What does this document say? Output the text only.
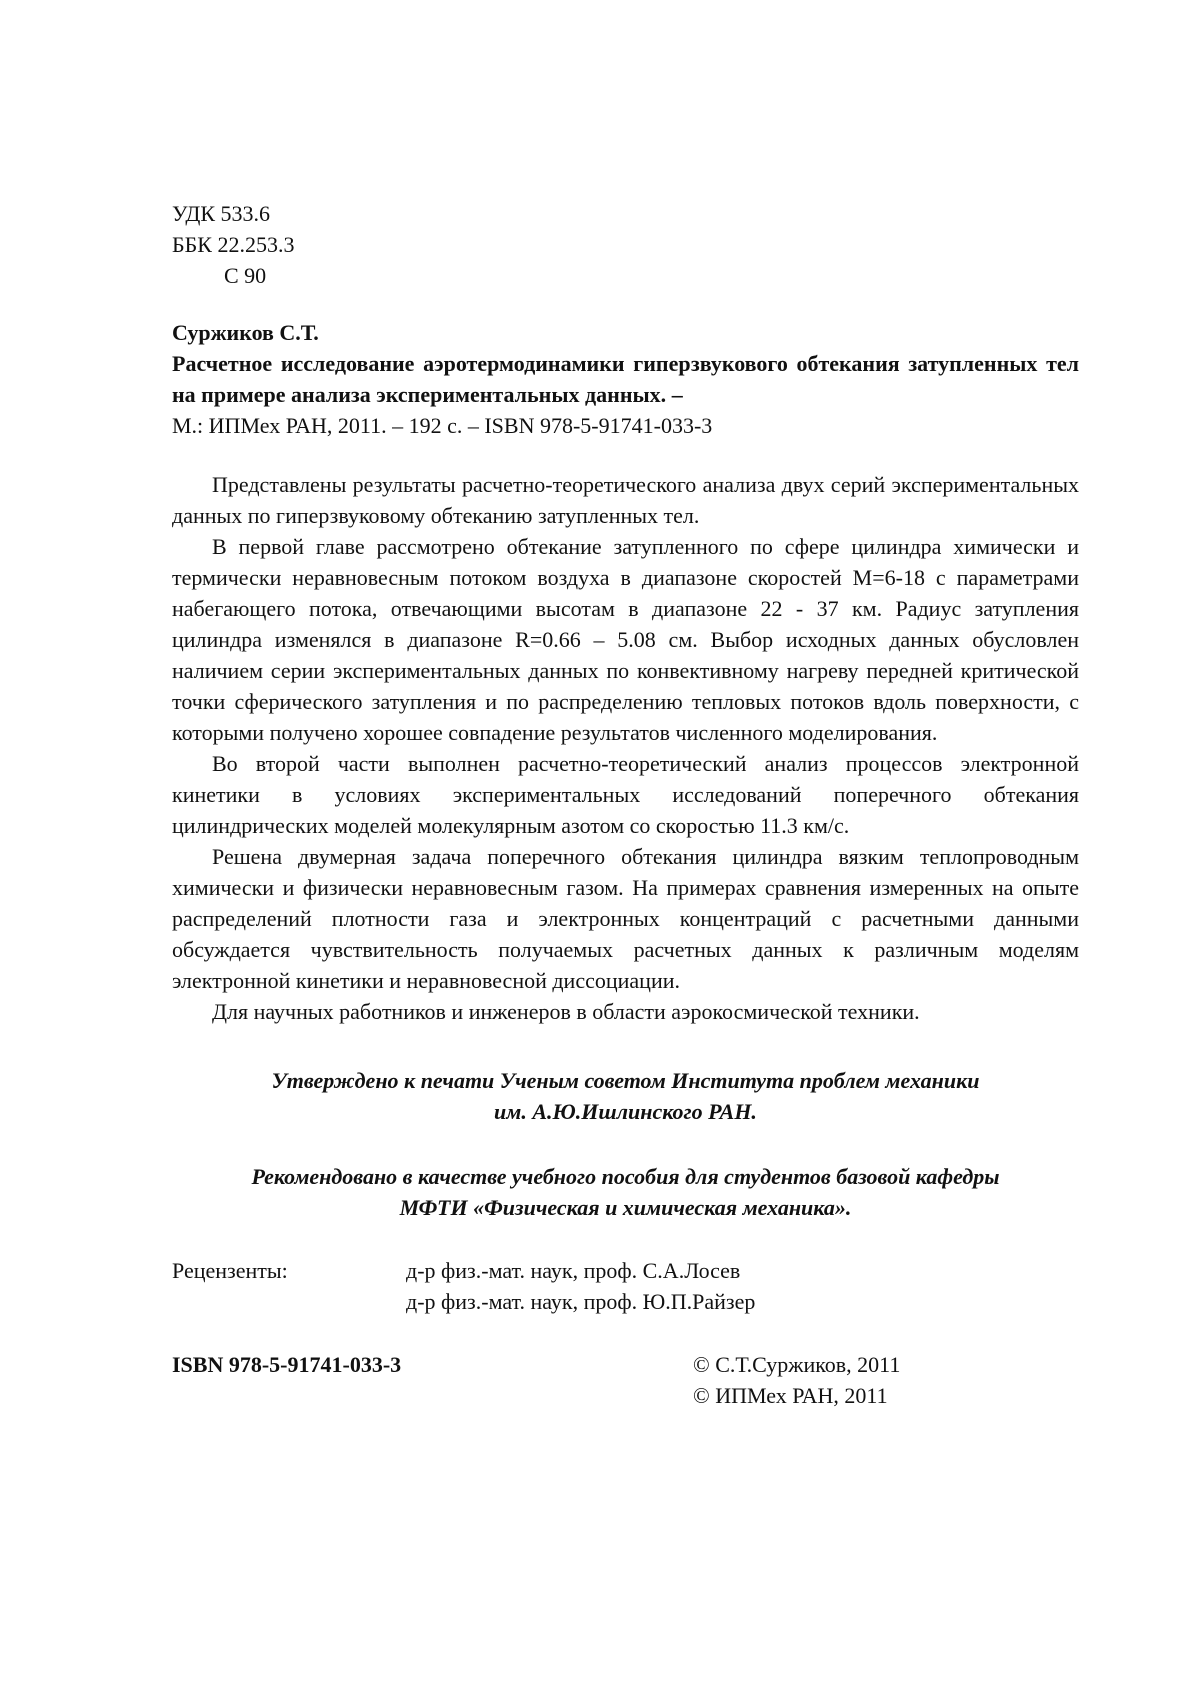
УДК 533.6
ББК 22.253.3
С 90
Суржиков С.Т.
Расчетное исследование аэротермодинамики гиперзвукового обтекания затупленных тел на примере анализа экспериментальных данных. –
М.: ИПМех РАН, 2011. – 192 с. – ISBN 978-5-91741-033-3

Представлены результаты расчетно-теоретического анализа двух серий экспериментальных данных по гиперзвуковому обтеканию затупленных тел.

В первой главе рассмотрено обтекание затупленного по сфере цилиндра химически и термически неравновесным потоком воздуха в диапазоне скоростей M=6-18 с параметрами набегающего потока, отвечающими высотам в диапазоне 22 - 37 км. Радиус затупления цилиндра изменялся в диапазоне R=0.66 – 5.08 см. Выбор исходных данных обусловлен наличием серии экспериментальных данных по конвективному нагреву передней критической точки сферического затупления и по распределению тепловых потоков вдоль поверхности, с которыми получено хорошее совпадение результатов численного моделирования.

Во второй части выполнен расчетно-теоретический анализ процессов электронной кинетики в условиях экспериментальных исследований поперечного обтекания цилиндрических моделей молекулярным азотом со скоростью 11.3 км/с.

Решена двумерная задача поперечного обтекания цилиндра вязким теплопроводным химически и физически неравновесным газом. На примерах сравнения измеренных на опыте распределений плотности газа и электронных концентраций с расчетными данными обсуждается чувствительность получаемых расчетных данных к различным моделям электронной кинетики и неравновесной диссоциации.

Для научных работников и инженеров в области аэрокосмической техники.

Утверждено к печати Ученым советом Института проблем механики
им. А.Ю.Ишлинского РАН.
Рекомендовано в качестве учебного пособия для студентов базовой кафедры
МФТИ «Физическая и химическая механика».
Рецензенты:	д-р физ.-мат. наук, проф. С.А.Лосев
д-р физ.-мат. наук, проф. Ю.П.Райзер
ISBN 978-5-91741-033-3	© С.Т.Суржиков, 2011
© ИПМех РАН, 2011
